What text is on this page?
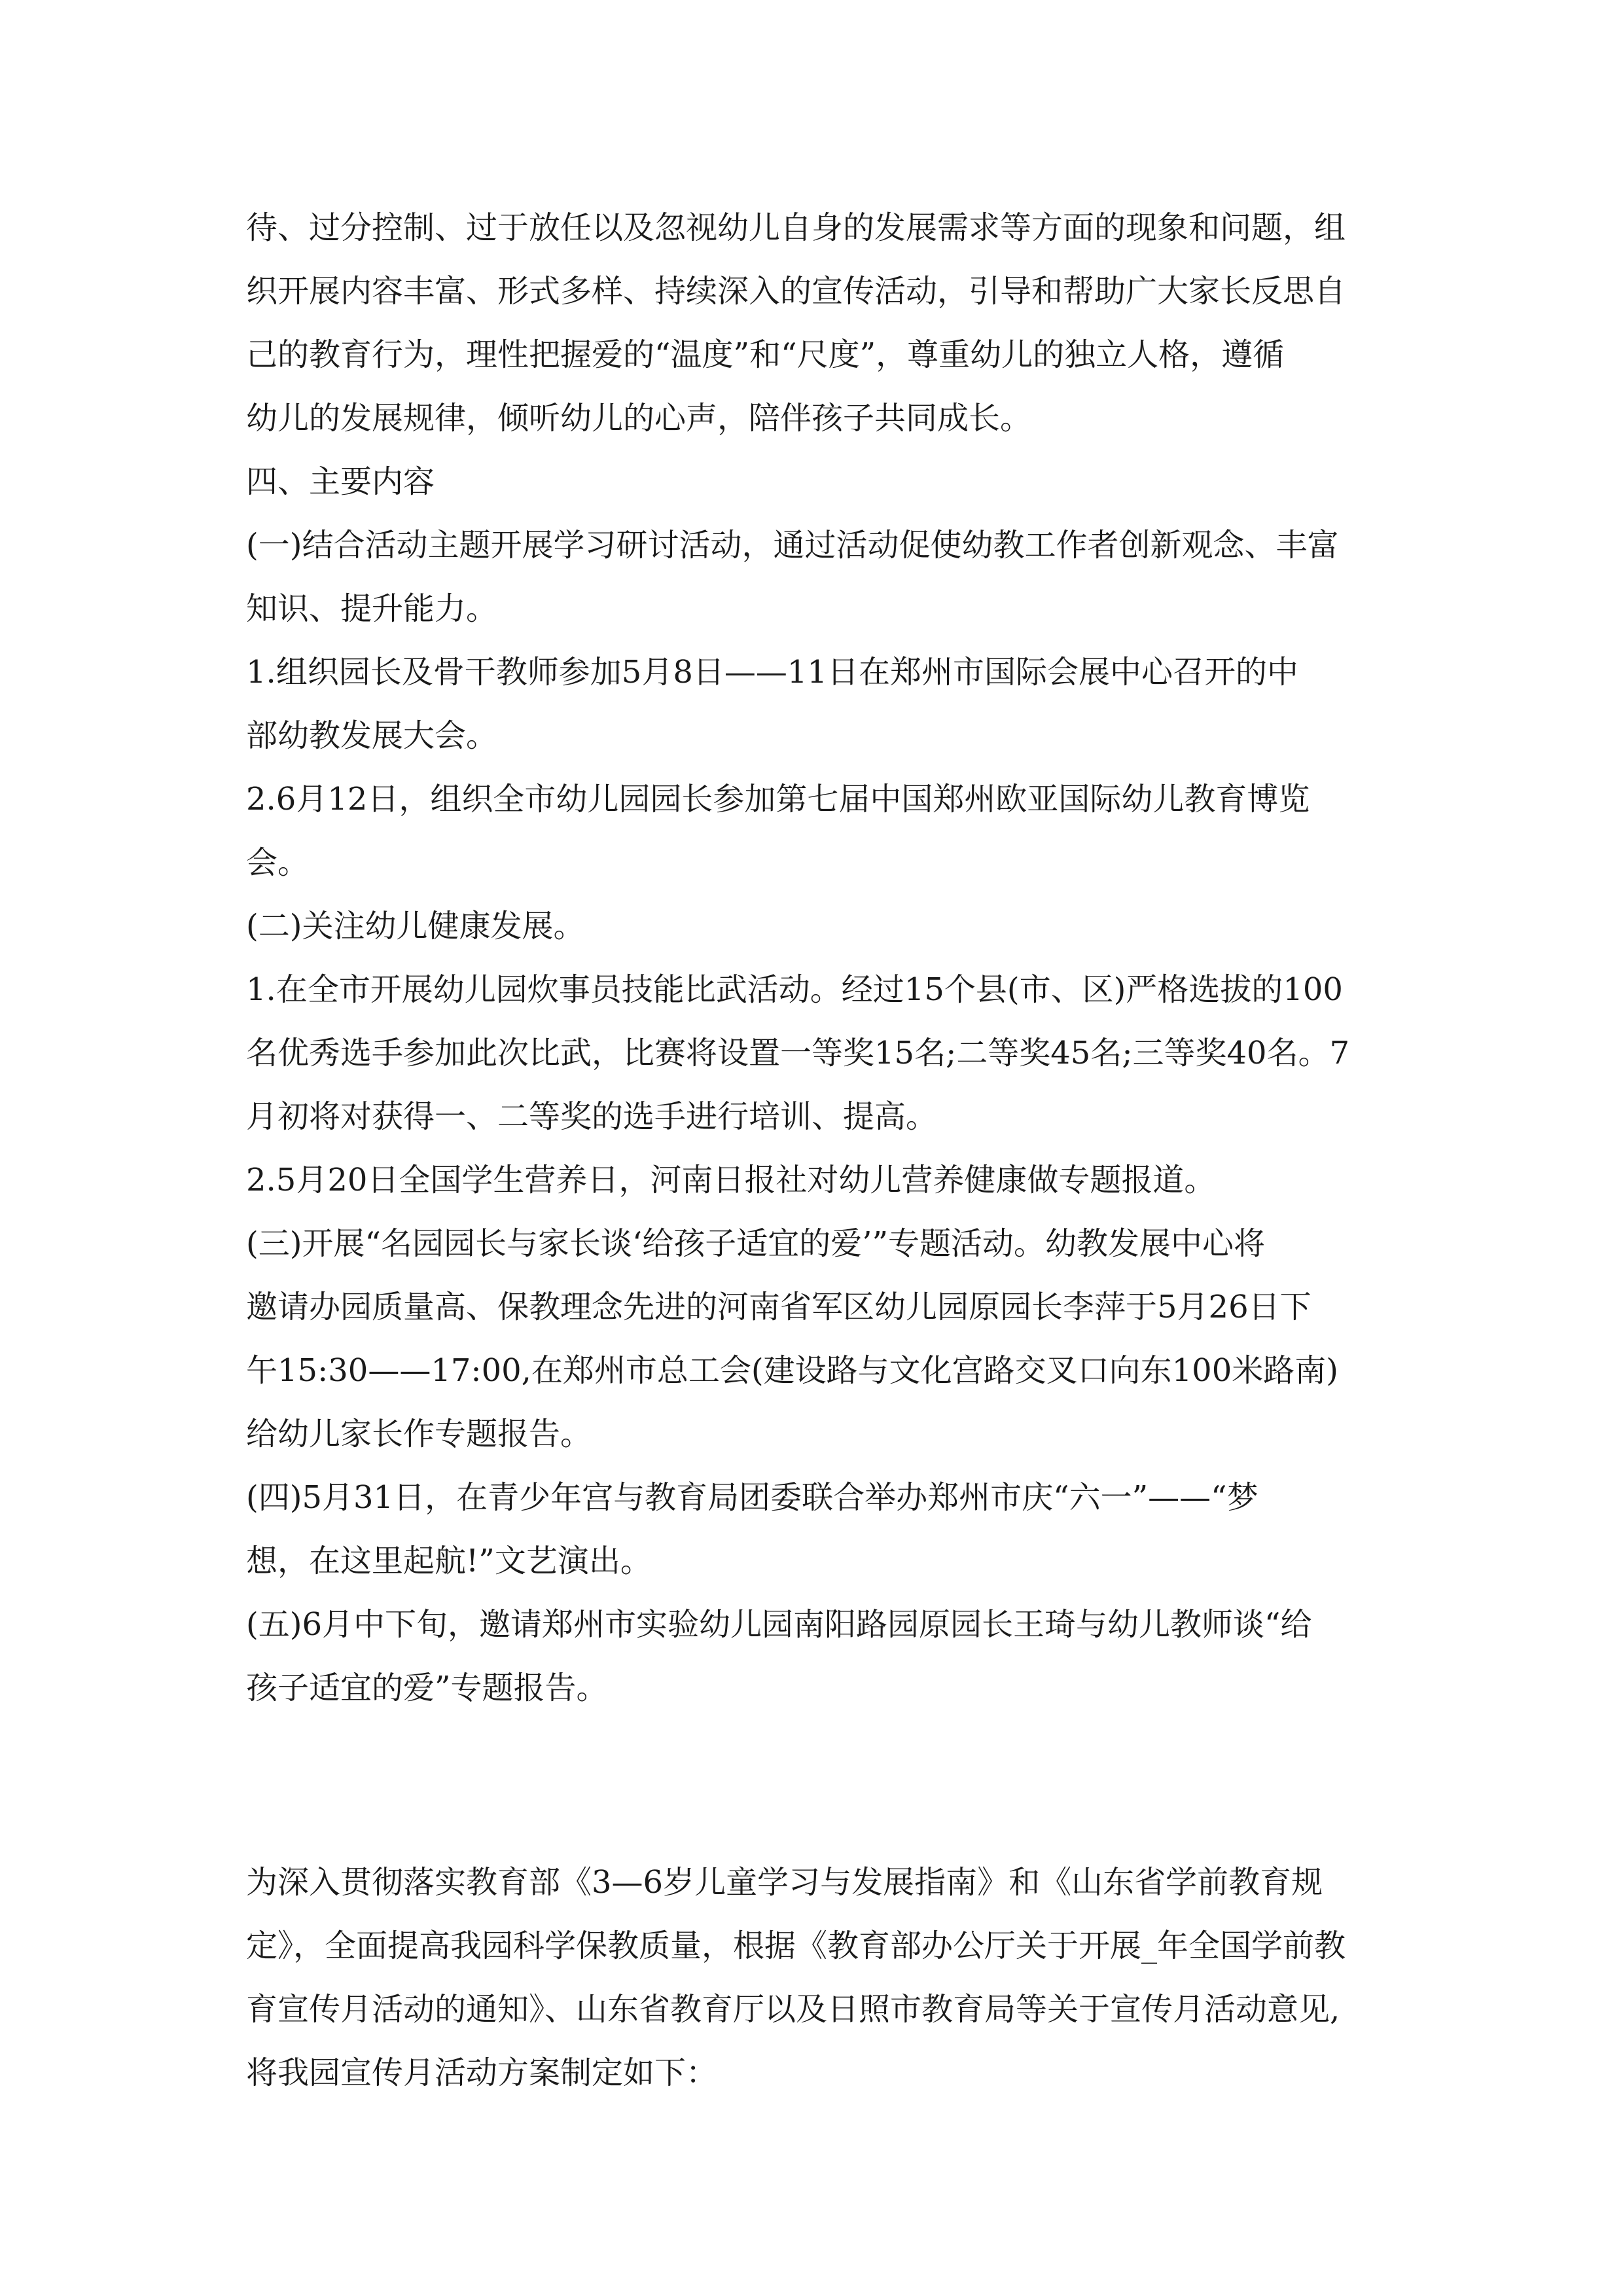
待、过分控制、过于放任以及忽视幼儿自身的发展需求等方面的现象和问题，组
织开展内容丰富、形式多样、持续深入的宣传活动，引导和帮助广大家长反思自
己的教育行为，理性把握爱的“温度”和“尺度”，尊重幼儿的独立人格，遵循
幼儿的发展规律，倾听幼儿的心声，陪伴孩子共同成长。
四、主要内容
(一)结合活动主题开展学习研讨活动，通过活动促使幼教工作者创新观念、丰富
知识、提升能力。
1.组织园长及骨干教师参加5月8日——11日在郑州市国际会展中心召开的中
部幼教发展大会。
2.6月12日，组织全市幼儿园园长参加第七届中国郑州欧亚国际幼儿教育博览
会。
(二)关注幼儿健康发展。
1.在全市开展幼儿园炊事员技能比武活动。经过15个县(市、区)严格选拔的100
名优秀选手参加此次比武，比赛将设置一等奖15名;二等奖45名;三等奖40名。7
月初将对获得一、二等奖的选手进行培训、提高。
2.5月20日全国学生营养日，河南日报社对幼儿营养健康做专题报道。
(三)开展“名园园长与家长谈‘给孩子适宜的爱’”专题活动。幼教发展中心将
邀请办园质量高、保教理念先进的河南省军区幼儿园原园长李萍于5月26日下
午15:30——17:00,在郑州市总工会(建设路与文化宫路交叉口向东100米路南)
给幼儿家长作专题报告。
(四)5月31日，在青少年宫与教育局团委联合举办郑州市庆“六一”——“梦
想，在这里起航!”文艺演出。
(五)6月中下旬，邀请郑州市实验幼儿园南阳路园原园长王琦与幼儿教师谈“给
孩子适宜的爱”专题报告。
为深入贯彻落实教育部《3—6岁儿童学习与发展指南》和《山东省学前教育规
定》，全面提高我园科学保教质量，根据《教育部办公厅关于开展_年全国学前教
育宣传月活动的通知》、山东省教育厅以及日照市教育局等关于宣传月活动意见,
将我园宣传月活动方案制定如下：
